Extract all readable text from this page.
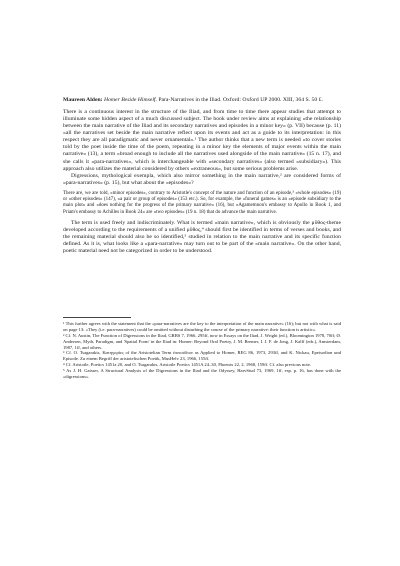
Maureen Alden: Homer Beside Himself. Para-Narratives in the Iliad. Oxford: Oxford UP 2000. XIII, 364 S. 50 £.

There is a continuous interest in the structure of the Iliad, and from time to time there appear studies that attempt to illuminate some hidden aspect of a much discussed subject. The book under review aims at explaining «the relationship between the main narrative of the Iliad and its secondary narratives and episodes in a minor key» (p. VII) because (p. 11) «all the narratives set beside the main narrative reflect upon its events and act as a guide to its interpretation: in this respect they are all paradigmatic and never ornamental».¹ The author thinks that a new term is needed «to cover stories told by the poet inside the time of the poem, repeating in a minor key the elements of major events within the main narrative» (13), a term «broad enough to include all the narratives used alongside of the main narrative» (15 n. 17), and she calls it «para-narratives», which is interchangeable with «secondary narratives» (also termed «subsidiary»). This approach also utilizes the material considered by others «extraneous», but some serious problems arise.

Digressions, mythological exempla, which also mirror something in the main narrative,² are considered forms of «para-narratives» (p. 15), but what about the «episodes»?

There are, we are told, «minor episodes», contrary to Aristotle's concept of the nature and function of an episode,³ «whole episodes» (19) or «other episodes» (147), «a pair or group of episodes» (153 etc.). So, for example, the «funeral games» is an «episode subsidiary to the main plot» and «does nothing for the progress of the primary narrative» (16), but «Agamemnon's embassy to Apollo in Book 1, and Priam's embassy to Achilles in Book 24» are «two episodes» (19 n. 18) that do advance the main narrative.

The term is used freely and indiscriminately. What is termed «main narrative», which is obviously the μῦθος-theme developed according to the requirements of a unified μῦθος,⁴ should first be identified in terms of verses and books, and the remaining material should also be so identified,⁵ studied in relation to the main narrative and its specific function defined. As it is, what looks like a «para-narrative» may turn out to be part of the «main narrative». On the other hand, poetic material need not be categorized in order to be understood.

¹ This further agrees with the statement that the «para-narratives are the key to the interpretation of the main narrative» (16); but not with what is said on page 13: «They (i.e. para-narratives) could be omitted without disturbing the course of the primary narrative: their function is artistic».

² Cf. N. Austin, The Function of Digressions in the Iliad, GRBS 7, 1966, 295ff, now in Essays on the Iliad, J. Wright (ed.), Bloomington 1978, 70ff; Ø. Andersen, Myth, Paradigm, and 'Spatial Form' in the Iliad in: Homer: Beyond Oral Poetry, J. M. Bremer, I. J. F. de Jong, J. Kalff (eds.), Amsterdam, 1987, 1ff, and others.

³ Cf. O. Tsagarakis, Κατηγορίες of the Aristotelian Term ἐπεισόδιον as Applied to Homer, REG 86, 1973, 293ff, and K. Nickau, Epeisodion und Episode. Zu einem Begriff der aristotelischen Poetik, MusHelv 23, 1966, 155ff.

⁴ Cf. Aristotle, Poetics 1451a 20, and O. Tsagarakis, Aristotle Poetics 1451A 24–30, Phoenix 22, 2, 1968, 159ff. Cf. also previous note.

⁵ As J. H. Gaisser, A Structural Analysis of the Digressions in the Iliad and the Odyssey, HarvStud 73, 1969, 1ff, esp. p. 16, has done with the «digressions».
